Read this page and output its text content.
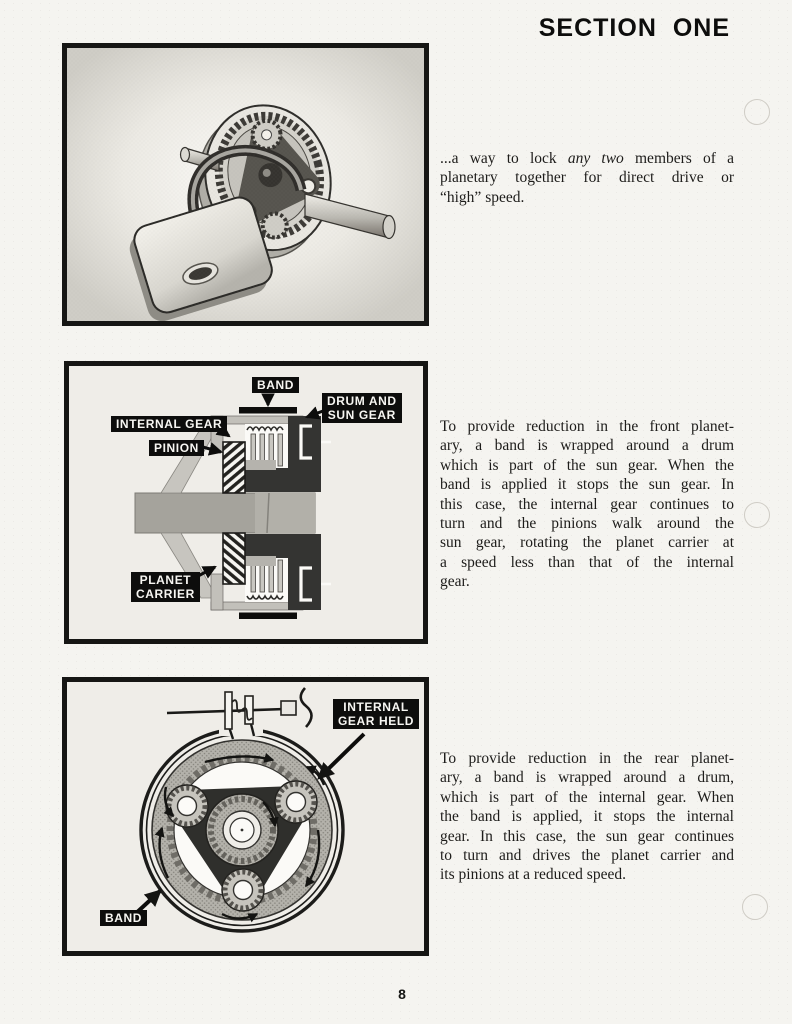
SECTION ONE
BAND
DRUM AND
SUN GEAR
INTERNAL GEAR
PINION
PLANET
CARRIER
INTERNAL
GEAR HELD
BAND
...a way to lock any two members of a
planetary together for direct drive or
“high” speed.
To provide reduction in the front planet-
ary, a band is wrapped around a drum
which is part of the sun gear. When the
band is applied it stops the sun gear. In
this case, the internal gear continues to
turn and the pinions walk around the
sun gear, rotating the planet carrier at
a speed less than that of the internal
gear.
To provide reduction in the rear planet-
ary, a band is wrapped around a drum,
which is part of the internal gear. When
the band is applied, it stops the internal
gear. In this case, the sun gear continues
to turn and drives the planet carrier and
its pinions at a reduced speed.
8
